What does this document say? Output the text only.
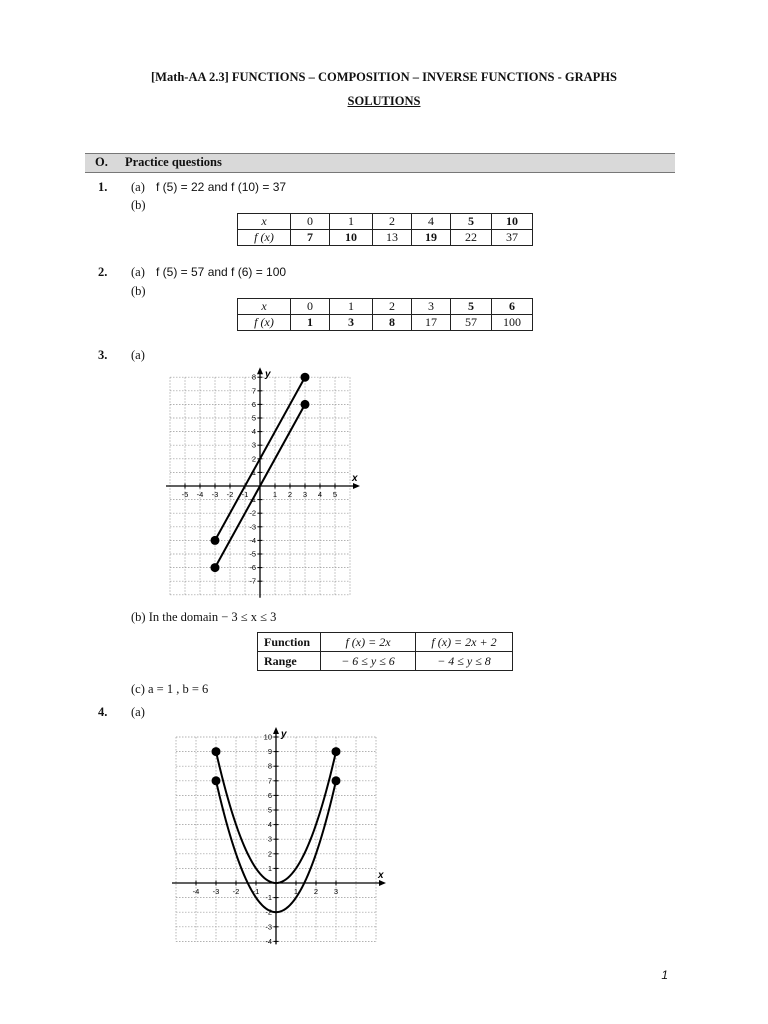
[Math-AA 2.3] FUNCTIONS – COMPOSITION – INVERSE FUNCTIONS - GRAPHS
SOLUTIONS
O. Practice questions
1. (a) f (5) = 22 and f (10) = 37
(b)
x	0	1	2	4	5	10
f (x)	7	10	13	19	22	37
2. (a) f (5) = 57 and f (6) = 100
(b)
x	0	1	2	3	5	6
f (x)	1	3	8	17	57	100
3. (a)
x
y
-5 -4 -3 -2 -1	1 2 3 4 5
8
7
6
5
4
3
2
1
-1
-2
-3
-4
-5
-6
-7
(b) In the domain − 3 ≤ x ≤ 3
Function	f (x) = 2x	f (x) = 2x + 2
Range	− 6 ≤ y ≤ 6	− 4 ≤ y ≤ 8
(c) a = 1 , b = 6
4. (a)
x
y
-4 -3 -2 -1	1 2 3
10
9
8
7
6
5
4
3
2
1
-1
-2
-3
-4
1
